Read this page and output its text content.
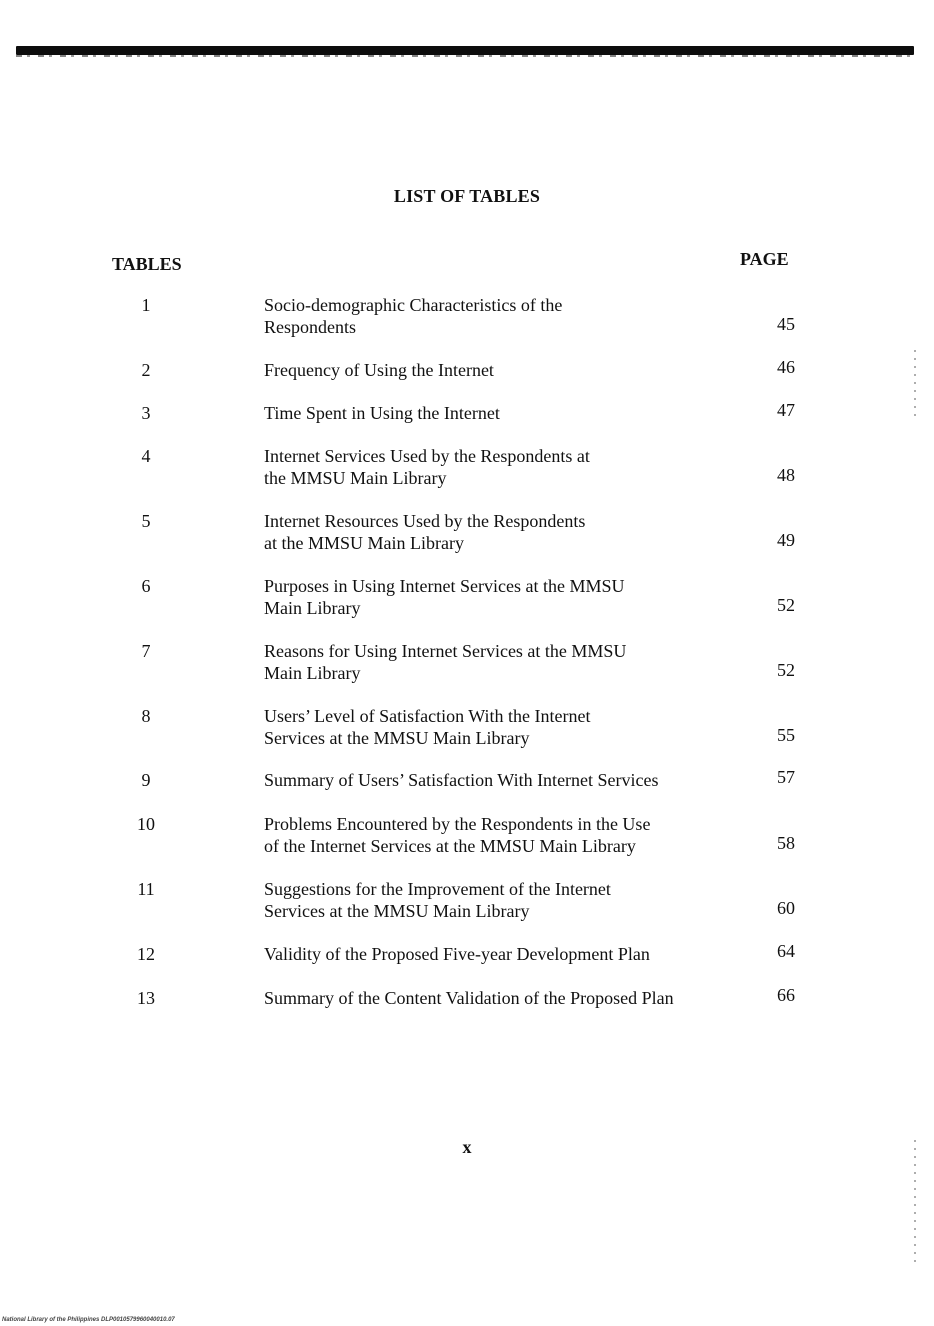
LIST OF TABLES
TABLES	PAGE
1	Socio-demographic Characteristics of the
Respondents	45
2	Frequency of Using the Internet	46
3	Time Spent in Using the Internet	47
4	Internet Services Used by the Respondents at
the MMSU Main Library	48
5	Internet Resources Used by the Respondents
at the MMSU Main Library	49
6	Purposes in Using Internet Services at the MMSU
Main Library	52
7	Reasons for Using Internet Services at the MMSU
Main Library	52
8	Users’ Level of Satisfaction With the Internet
Services at the MMSU Main Library	55
9	Summary of Users’ Satisfaction With Internet Services	57
10	Problems Encountered by the Respondents in the Use
of the Internet Services at the MMSU Main Library	58
11	Suggestions for the Improvement of the Internet
Services at the MMSU Main Library	60
12	Validity of the Proposed Five-year Development Plan	64
13	Summary of the Content Validation of the Proposed Plan	66
x
National Library of the Philippines DLP0010579960040010.07
